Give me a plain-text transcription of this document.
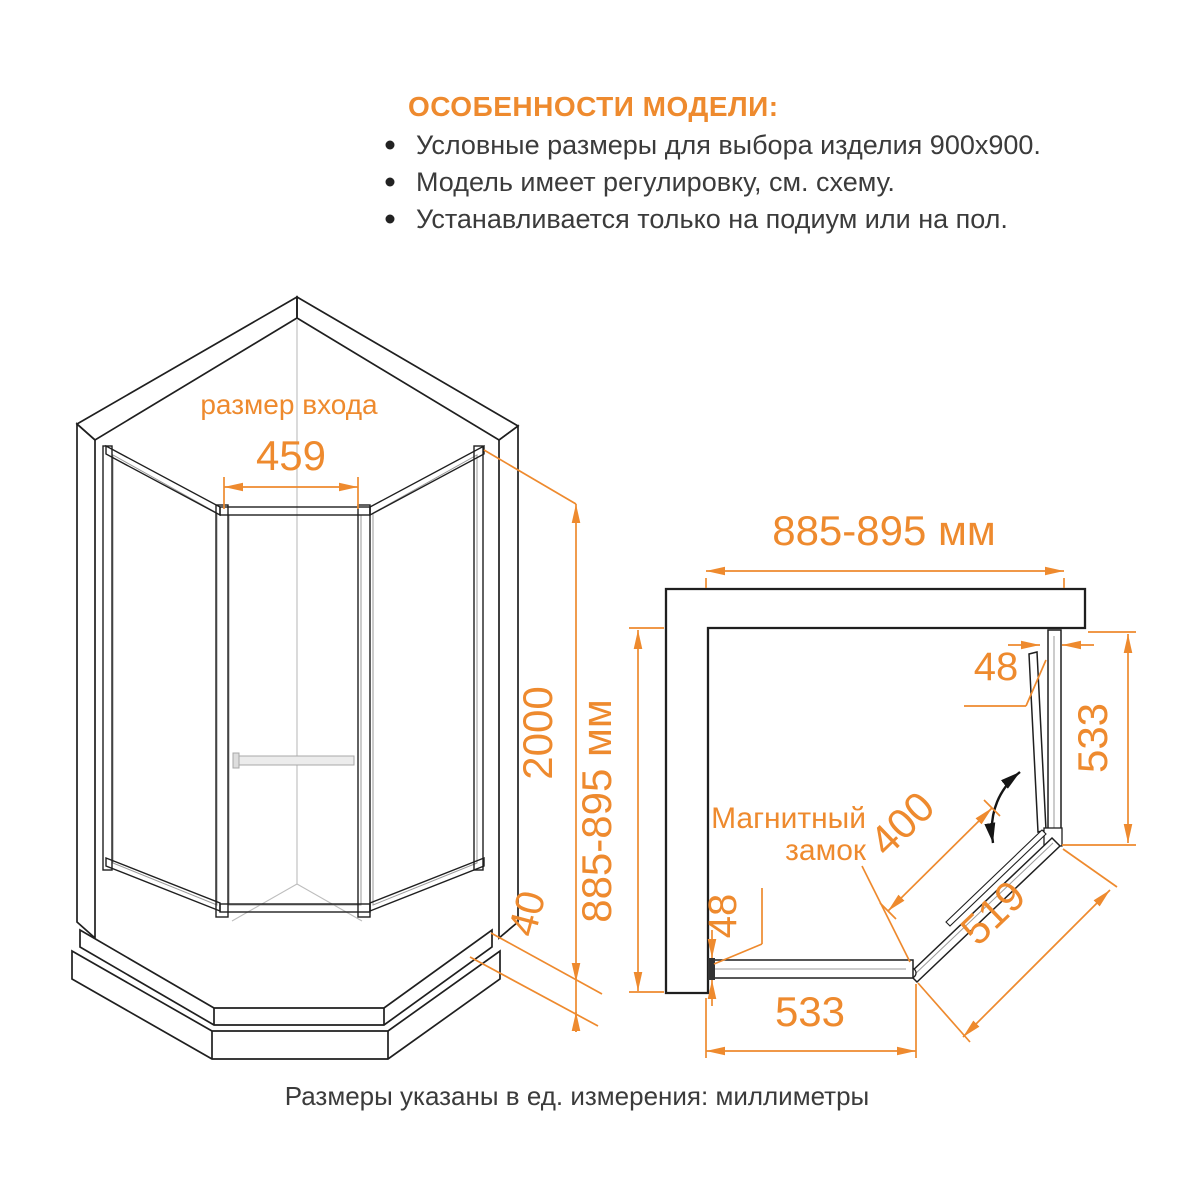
ОСОБЕННОСТИ МОДЕЛИ:
Условные размеры для выбора изделия 900x900.
Модель имеет регулировку, см. схему.
Устанавливается только на подиум или на пол.
размер входа
459
2000
40
885-895 мм
885-895 мм
48
533
400
519
Магнитный
замок
48
533
Размеры указаны в ед. измерения: миллиметры
